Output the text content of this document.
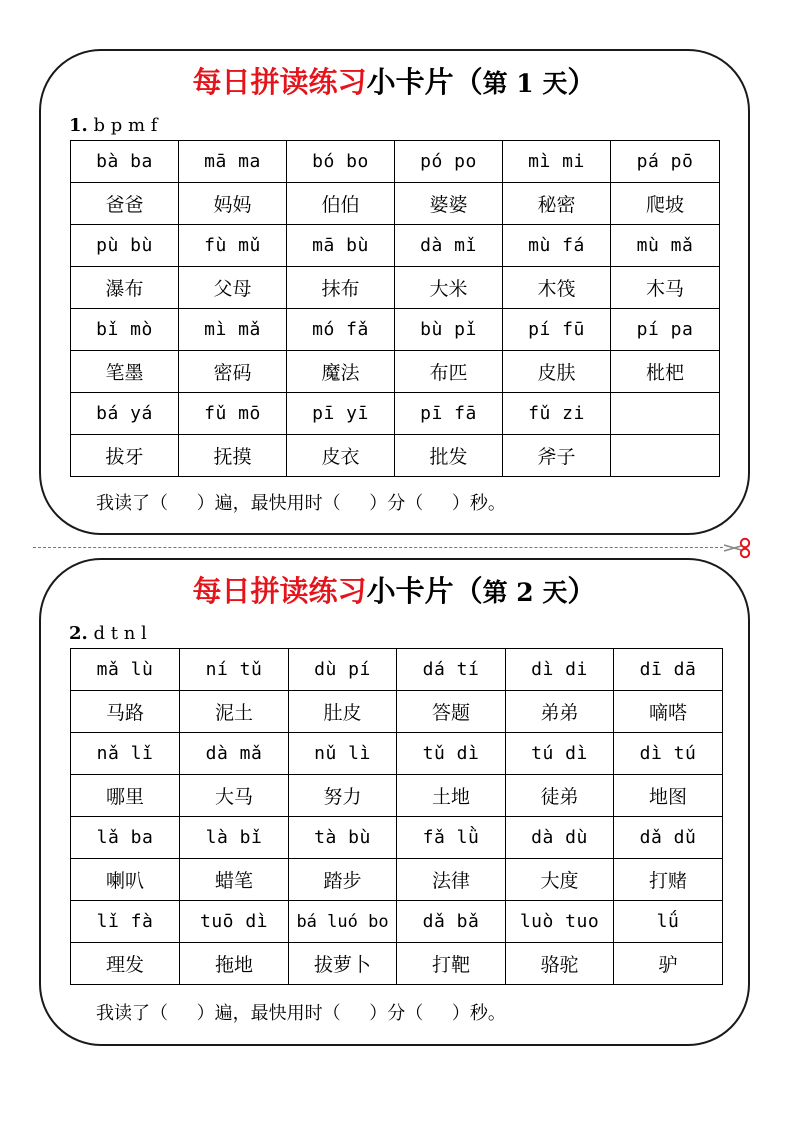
每日拼读练习小卡片（第 1 天）
1. b p m f
bà ba	mā ma	bó bo	pó po	mì mi	pá pō
爸爸	妈妈	伯伯	婆婆	秘密	爬坡
pù bù	fù mǔ	mā bù	dà mǐ	mù fá	mù mǎ
瀑布	父母	抹布	大米	木筏	木马
bǐ mò	mì mǎ	mó fǎ	bù pǐ	pí fū	pí pa
笔墨	密码	魔法	布匹	皮肤	枇杷
bá yá	fǔ mō	pī yī	pī fā	fǔ zi	
拔牙	抚摸	皮衣	批发	斧子	
我读了（     ）遍，最快用时（     ）分（     ）秒。
每日拼读练习小卡片（第 2 天）
2. d t n l
mǎ lù	ní tǔ	dù pí	dá tí	dì di	dī dā
马路	泥土	肚皮	答题	弟弟	嘀嗒
nǎ lǐ	dà mǎ	nǔ lì	tǔ dì	tú dì	dì tú
哪里	大马	努力	土地	徒弟	地图
lǎ ba	là bǐ	tà bù	fǎ lǜ	dà dù	dǎ dǔ
喇叭	蜡笔	踏步	法律	大度	打赌
lǐ fà	tuō dì	bá luó bo	dǎ bǎ	luò tuo	lǘ
理发	拖地	拔萝卜	打靶	骆驼	驴
我读了（     ）遍，最快用时（     ）分（     ）秒。
